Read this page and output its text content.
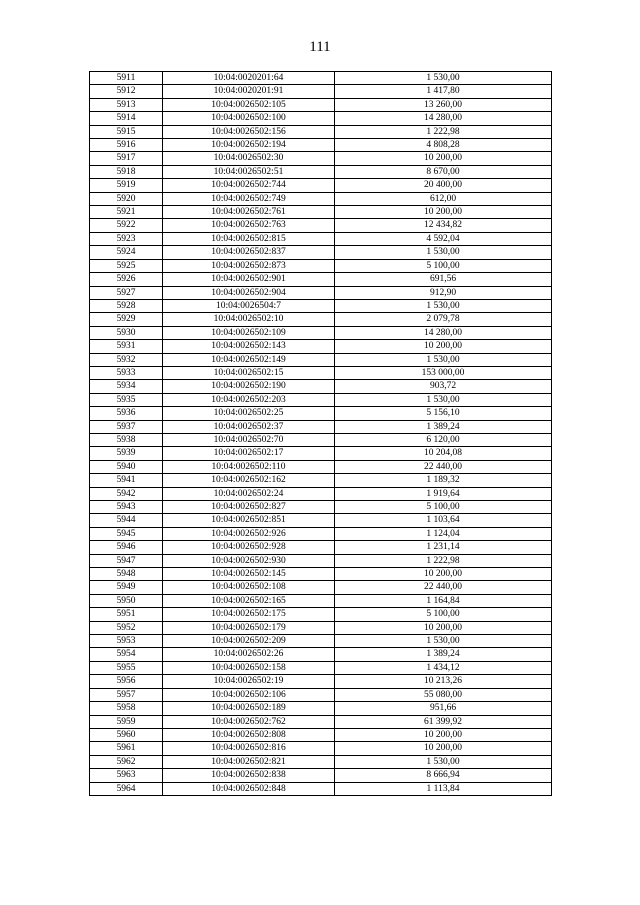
111
5911	10:04:0020201:64	1 530,00
5912	10:04:0020201:91	1 417,80
5913	10:04:0026502:105	13 260,00
5914	10:04:0026502:100	14 280,00
5915	10:04:0026502:156	1 222,98
5916	10:04:0026502:194	4 808,28
5917	10:04:0026502:30	10 200,00
5918	10:04:0026502:51	8 670,00
5919	10:04:0026502:744	20 400,00
5920	10:04:0026502:749	612,00
5921	10:04:0026502:761	10 200,00
5922	10:04:0026502:763	12 434,82
5923	10:04:0026502:815	4 592,04
5924	10:04:0026502:837	1 530,00
5925	10:04:0026502:873	5 100,00
5926	10:04:0026502:901	691,56
5927	10:04:0026502:904	912,90
5928	10:04:0026504:7	1 530,00
5929	10:04:0026502:10	2 079,78
5930	10:04:0026502:109	14 280,00
5931	10:04:0026502:143	10 200,00
5932	10:04:0026502:149	1 530,00
5933	10:04:0026502:15	153 000,00
5934	10:04:0026502:190	903,72
5935	10:04:0026502:203	1 530,00
5936	10:04:0026502:25	5 156,10
5937	10:04:0026502:37	1 389,24
5938	10:04:0026502:70	6 120,00
5939	10:04:0026502:17	10 204,08
5940	10:04:0026502:110	22 440,00
5941	10:04:0026502:162	1 189,32
5942	10:04:0026502:24	1 919,64
5943	10:04:0026502:827	5 100,00
5944	10:04:0026502:851	1 103,64
5945	10:04:0026502:926	1 124,04
5946	10:04:0026502:928	1 231,14
5947	10:04:0026502:930	1 222,98
5948	10:04:0026502:145	10 200,00
5949	10:04:0026502:108	22 440,00
5950	10:04:0026502:165	1 164,84
5951	10:04:0026502:175	5 100,00
5952	10:04:0026502:179	10 200,00
5953	10:04:0026502:209	1 530,00
5954	10:04:0026502:26	1 389,24
5955	10:04:0026502:158	1 434,12
5956	10:04:0026502:19	10 213,26
5957	10:04:0026502:106	55 080,00
5958	10:04:0026502:189	951,66
5959	10:04:0026502:762	61 399,92
5960	10:04:0026502:808	10 200,00
5961	10:04:0026502:816	10 200,00
5962	10:04:0026502:821	1 530,00
5963	10:04:0026502:838	8 666,94
5964	10:04:0026502:848	1 113,84
